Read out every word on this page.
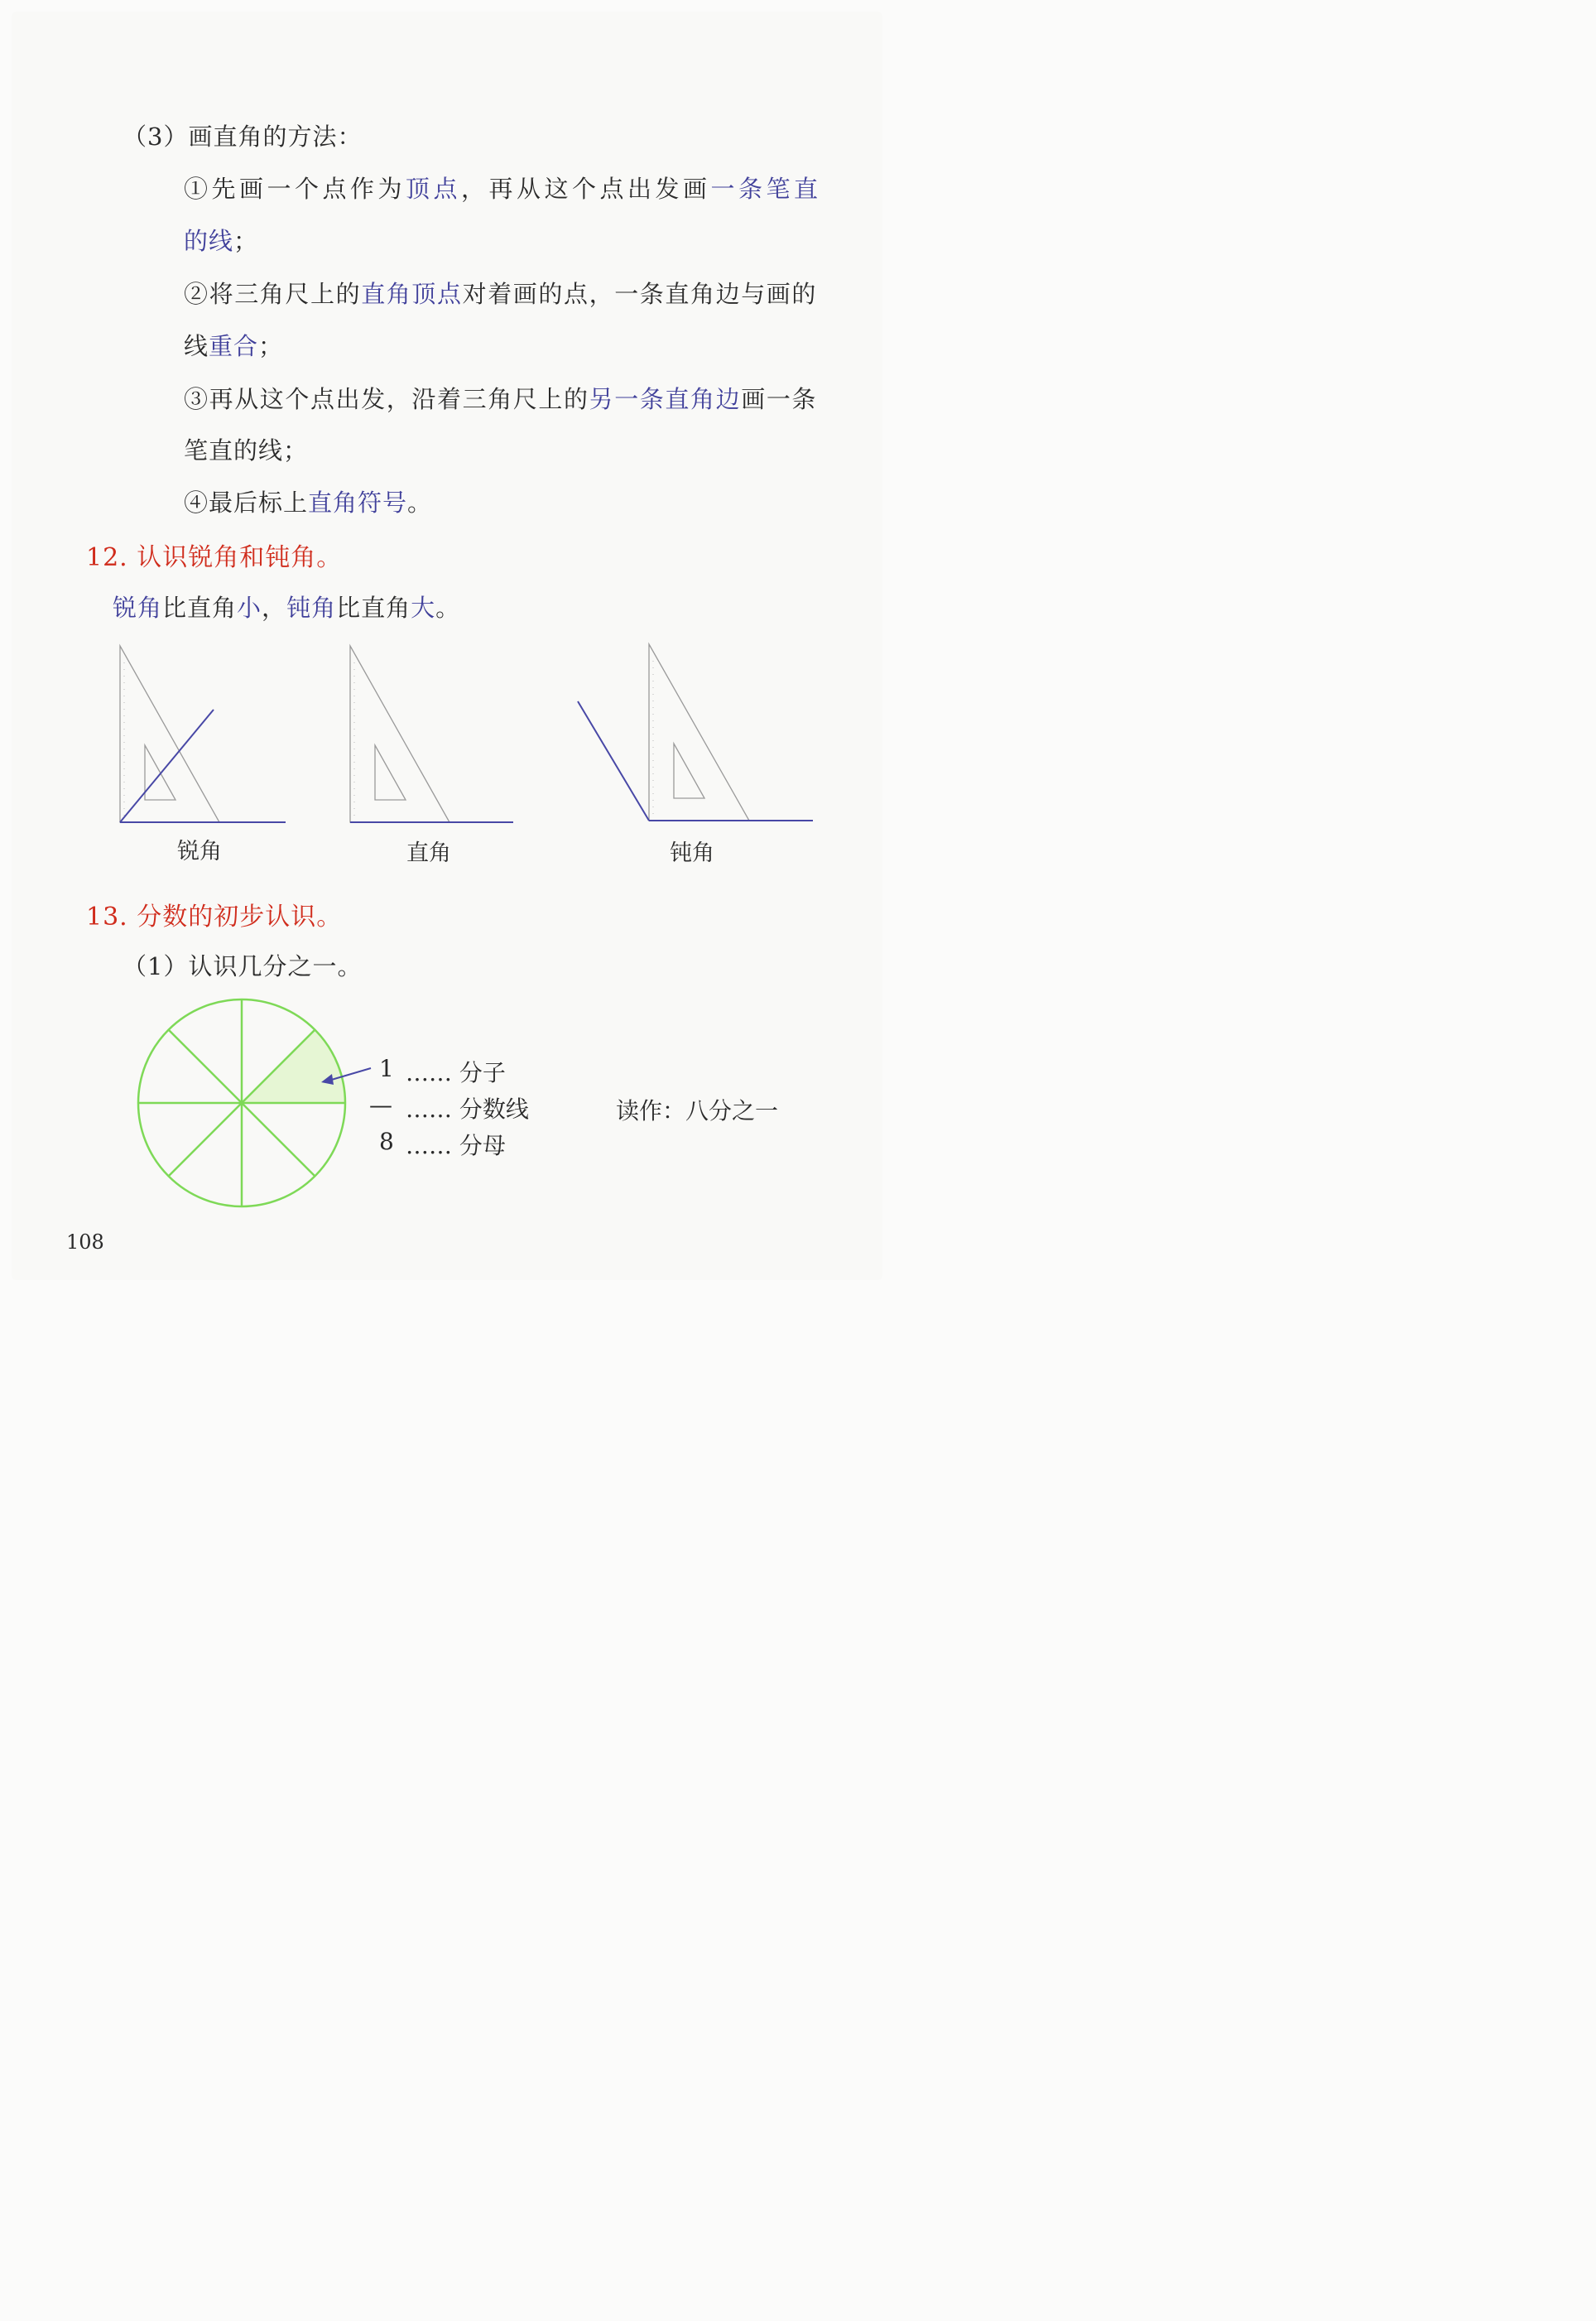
（3）画直角的方法：
①先画一个点作为顶点，再从这个点出发画一条笔直
的线；
②将三角尺上的直角顶点对着画的点，一条直角边与画的
线重合；
③再从这个点出发，沿着三角尺上的另一条直角边画一条
笔直的线；
④最后标上直角符号。
12. 认识锐角和钝角。
锐角比直角小，钝角比直角大。
锐角	直角	钝角
13. 分数的初步认识。
（1）认识几分之一。
1 …… 分子
— …… 分数线
8 …… 分母
读作：八分之一
108
